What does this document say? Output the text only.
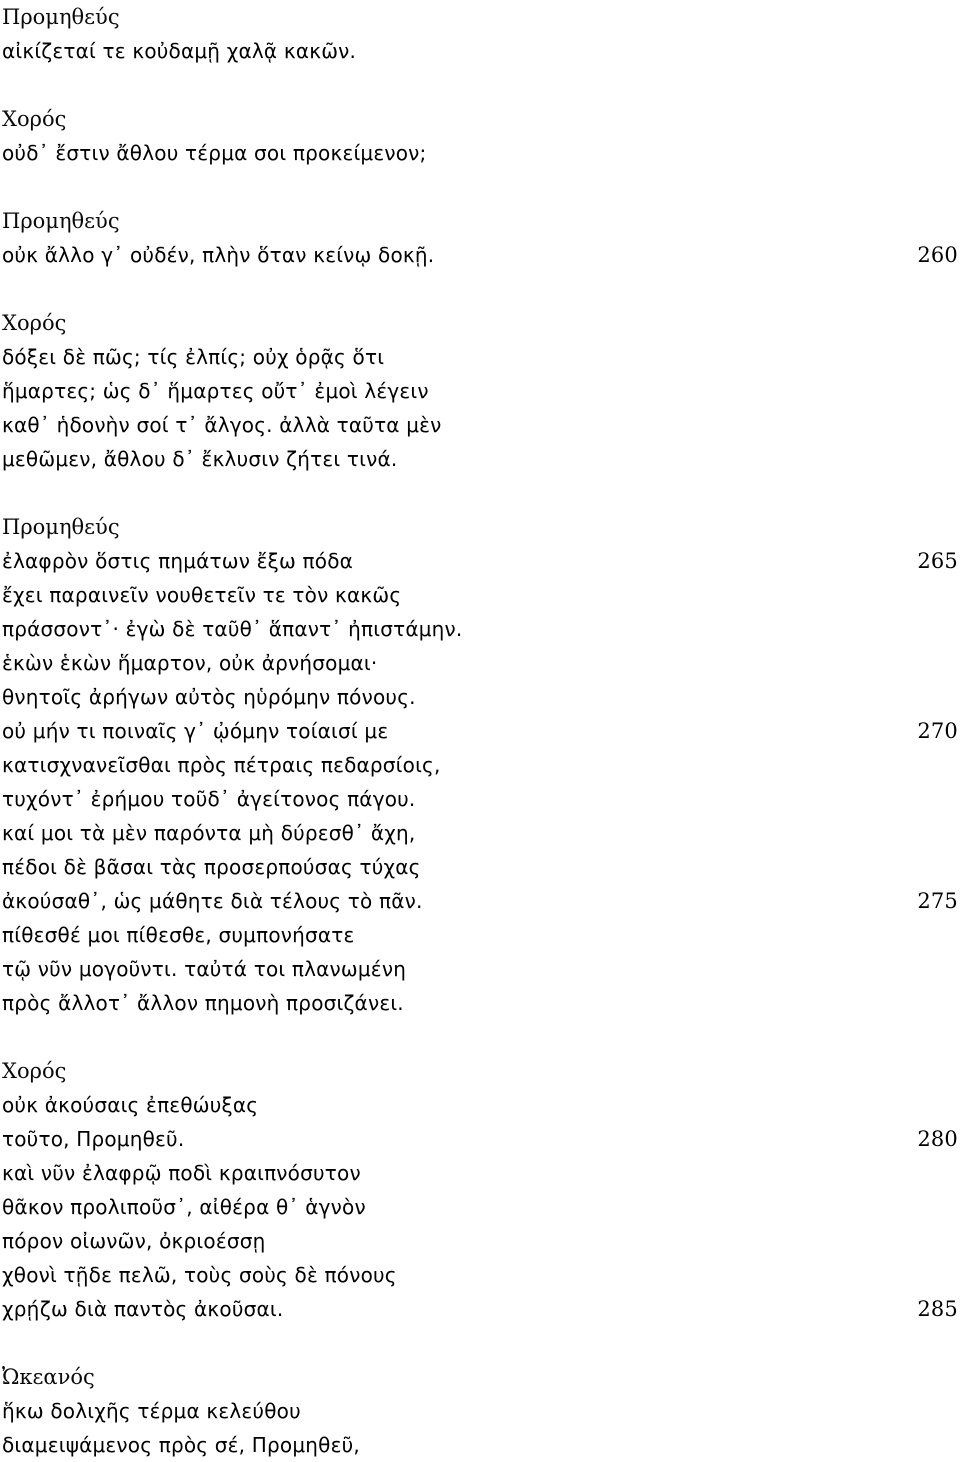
Προμηθεύς
αἰκίζεταί τε κοὐδαμῇ χαλᾷ κακῶν.
Χορός
οὐδ᾽ ἔστιν ἄθλου τέρμα σοι προκείμενον;
Προμηθεύς
οὐκ ἄλλο γ᾽ οὐδέν, πλὴν ὅταν κείνῳ δοκῇ.	260
Χορός
δόξει δὲ πῶς; τίς ἐλπίς; οὐχ ὁρᾷς ὅτι
ἥμαρτες; ὡς δ᾽ ἥμαρτες οὔτ᾽ ἐμοὶ λέγειν
καθ᾽ ἡδονὴν σοί τ᾽ ἄλγος. ἀλλὰ ταῦτα μὲν
μεθῶμεν, ἄθλου δ᾽ ἔκλυσιν ζήτει τινά.
Προμηθεύς
ἐλαφρὸν ὅστις πημάτων ἔξω πόδα	265
ἔχει παραινεῖν νουθετεῖν τε τὸν κακῶς
πράσσοντ᾽· ἐγὼ δὲ ταῦθ᾽ ἅπαντ᾽ ἠπιστάμην.
ἑκὼν ἑκὼν ἥμαρτον, οὐκ ἀρνήσομαι·
θνητοῖς ἀρήγων αὐτὸς ηὑρόμην πόνους.
οὐ μήν τι ποιναῖς γ᾽ ᾠόμην τοίαισί με	270
κατισχνανεῖσθαι πρὸς πέτραις πεδαρσίοις,
τυχόντ᾽ ἐρήμου τοῦδ᾽ ἀγείτονος πάγου.
καί μοι τὰ μὲν παρόντα μὴ δύρεσθ᾽ ἄχη,
πέδοι δὲ βᾶσαι τὰς προσερπούσας τύχας
ἀκούσαθ᾽, ὡς μάθητε διὰ τέλους τὸ πᾶν.	275
πίθεσθέ μοι πίθεσθε, συμπονήσατε
τῷ νῦν μογοῦντι. ταὐτά τοι πλανωμένη
πρὸς ἄλλοτ᾽ ἄλλον πημονὴ προσιζάνει.
Χορός
οὐκ ἀκούσαις ἐπεθώυξας
τοῦτο, Προμηθεῦ.	280
καὶ νῦν ἐλαφρῷ ποδὶ κραιπνόσυτον
θᾶκον προλιποῦσ᾽, αἰθέρα θ᾽ ἁγνὸν
πόρον οἰωνῶν, ὀκριοέσσῃ
χθονὶ τῇδε πελῶ, τοὺς σοὺς δὲ πόνους
χρῄζω διὰ παντὸς ἀκοῦσαι.	285
Ὠκεανός
ἥκω δολιχῆς τέρμα κελεύθου
διαμειψάμενος πρὸς σέ, Προμηθεῦ,
